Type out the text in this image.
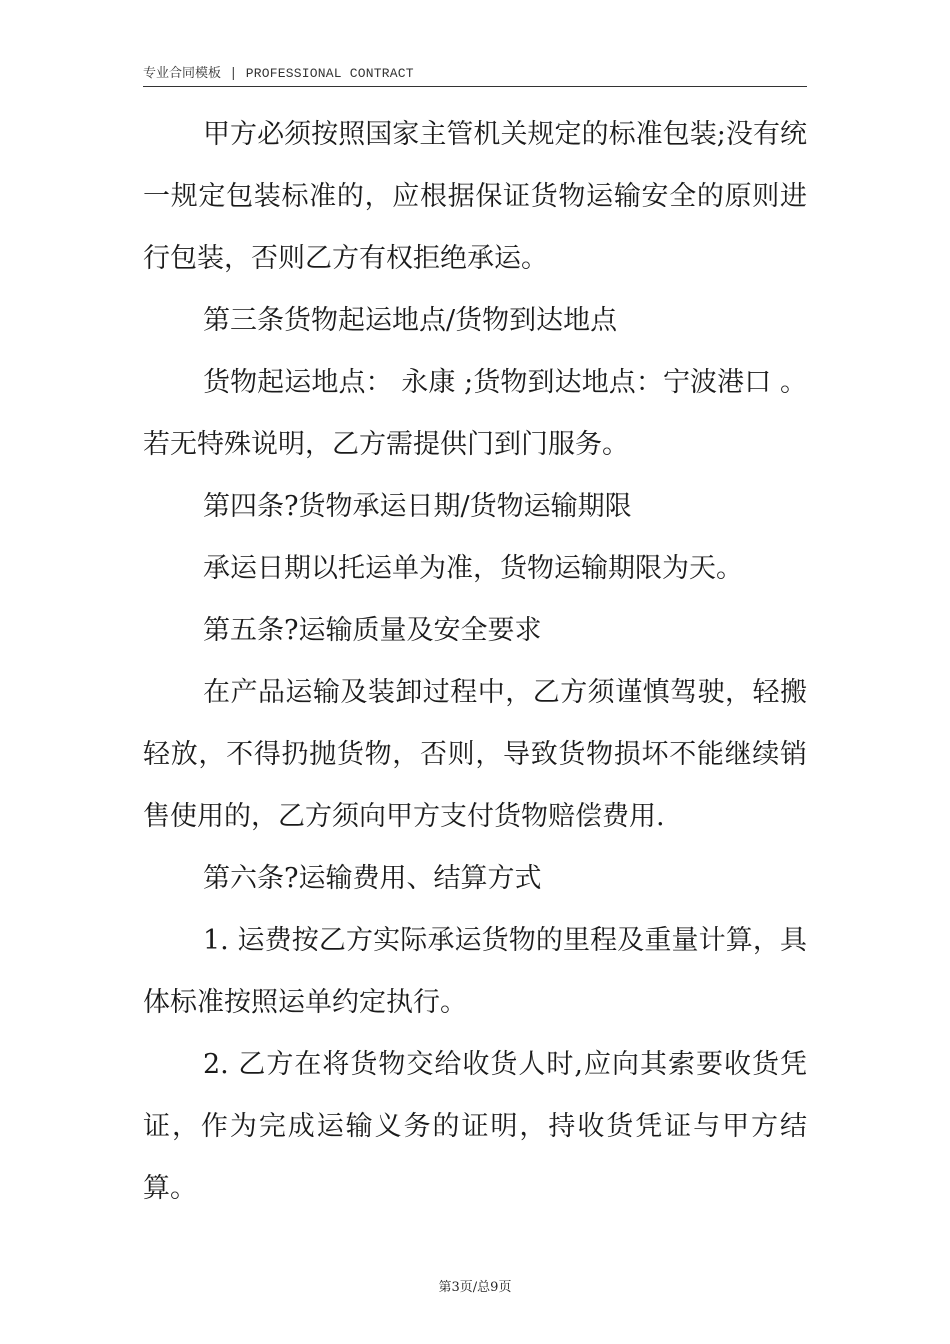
专业合同模板 | PROFESSIONAL CONTRACT

甲方必须按照国家主管机关规定的标准包装;没有统一规定包装标准的，应根据保证货物运输安全的原则进行包装，否则乙方有权拒绝承运。

第三条货物起运地点/货物到达地点

货物起运地点： 永康 ;货物到达地点：宁波港口 。若无特殊说明，乙方需提供门到门服务。

第四条?货物承运日期/货物运输期限

承运日期以托运单为准，货物运输期限为天。

第五条?运输质量及安全要求

在产品运输及装卸过程中，乙方须谨慎驾驶，轻搬轻放，不得扔抛货物，否则，导致货物损坏不能继续销售使用的，乙方须向甲方支付货物赔偿费用.

第六条?运输费用、结算方式

1. 运费按乙方实际承运货物的里程及重量计算，具体标准按照运单约定执行。

2. 乙方在将货物交给收货人时,应向其索要收货凭证，作为完成运输义务的证明，持收货凭证与甲方结算。

第3页/总9页
